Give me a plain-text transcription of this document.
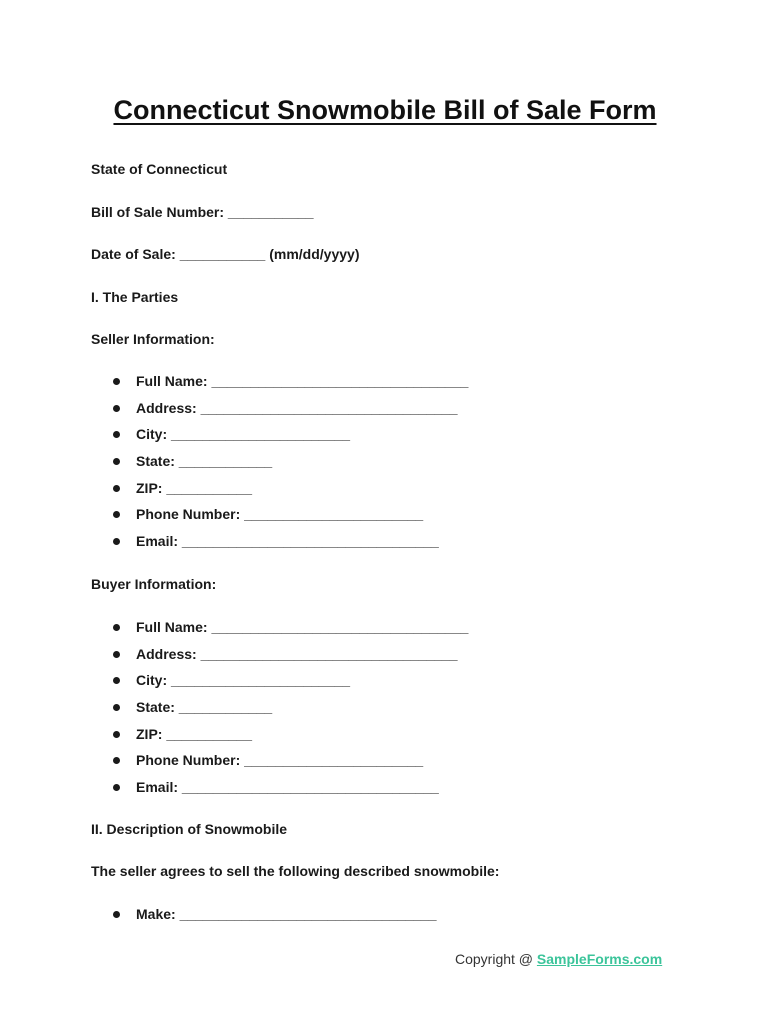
Connecticut Snowmobile Bill of Sale Form
State of Connecticut
Bill of Sale Number: ___________
Date of Sale: ___________ (mm/dd/yyyy)
I. The Parties
Seller Information:

Full Name: _________________________________

Address: _________________________________

City: _______________________

State: ____________

ZIP: ___________

Phone Number: _______________________

Email: _________________________________

Buyer Information:

Full Name: _________________________________

Address: _________________________________

City: _______________________

State: ____________

ZIP: ___________

Phone Number: _______________________

Email: _________________________________

II. Description of Snowmobile
The seller agrees to sell the following described snowmobile:

Make: _________________________________

Copyright @ SampleForms.com
